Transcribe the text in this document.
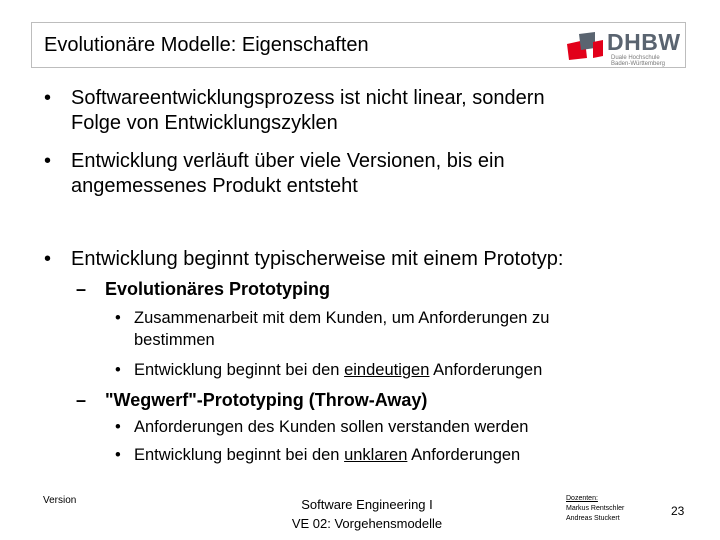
Evolutionäre Modelle: Eigenschaften	DHBW
Duale Hochschule
Baden-Württemberg
• Softwareentwicklungsprozess ist nicht linear, sondern
Folge von Entwicklungszyklen
• Entwicklung verläuft über viele Versionen, bis ein
angemessenes Produkt entsteht
• Entwicklung beginnt typischerweise mit einem Prototyp:
– Evolutionäres Prototyping
• Zusammenarbeit mit dem Kunden, um Anforderungen zu
bestimmen
• Entwicklung beginnt bei den eindeutigen Anforderungen
– "Wegwerf"-Prototyping (Throw-Away)
• Anforderungen des Kunden sollen verstanden werden
• Entwicklung beginnt bei den unklaren Anforderungen
Version	Software Engineering I
VE 02: Vorgehensmodelle
Dozenten:
Markus Rentschler
Andreas Stuckert
23
